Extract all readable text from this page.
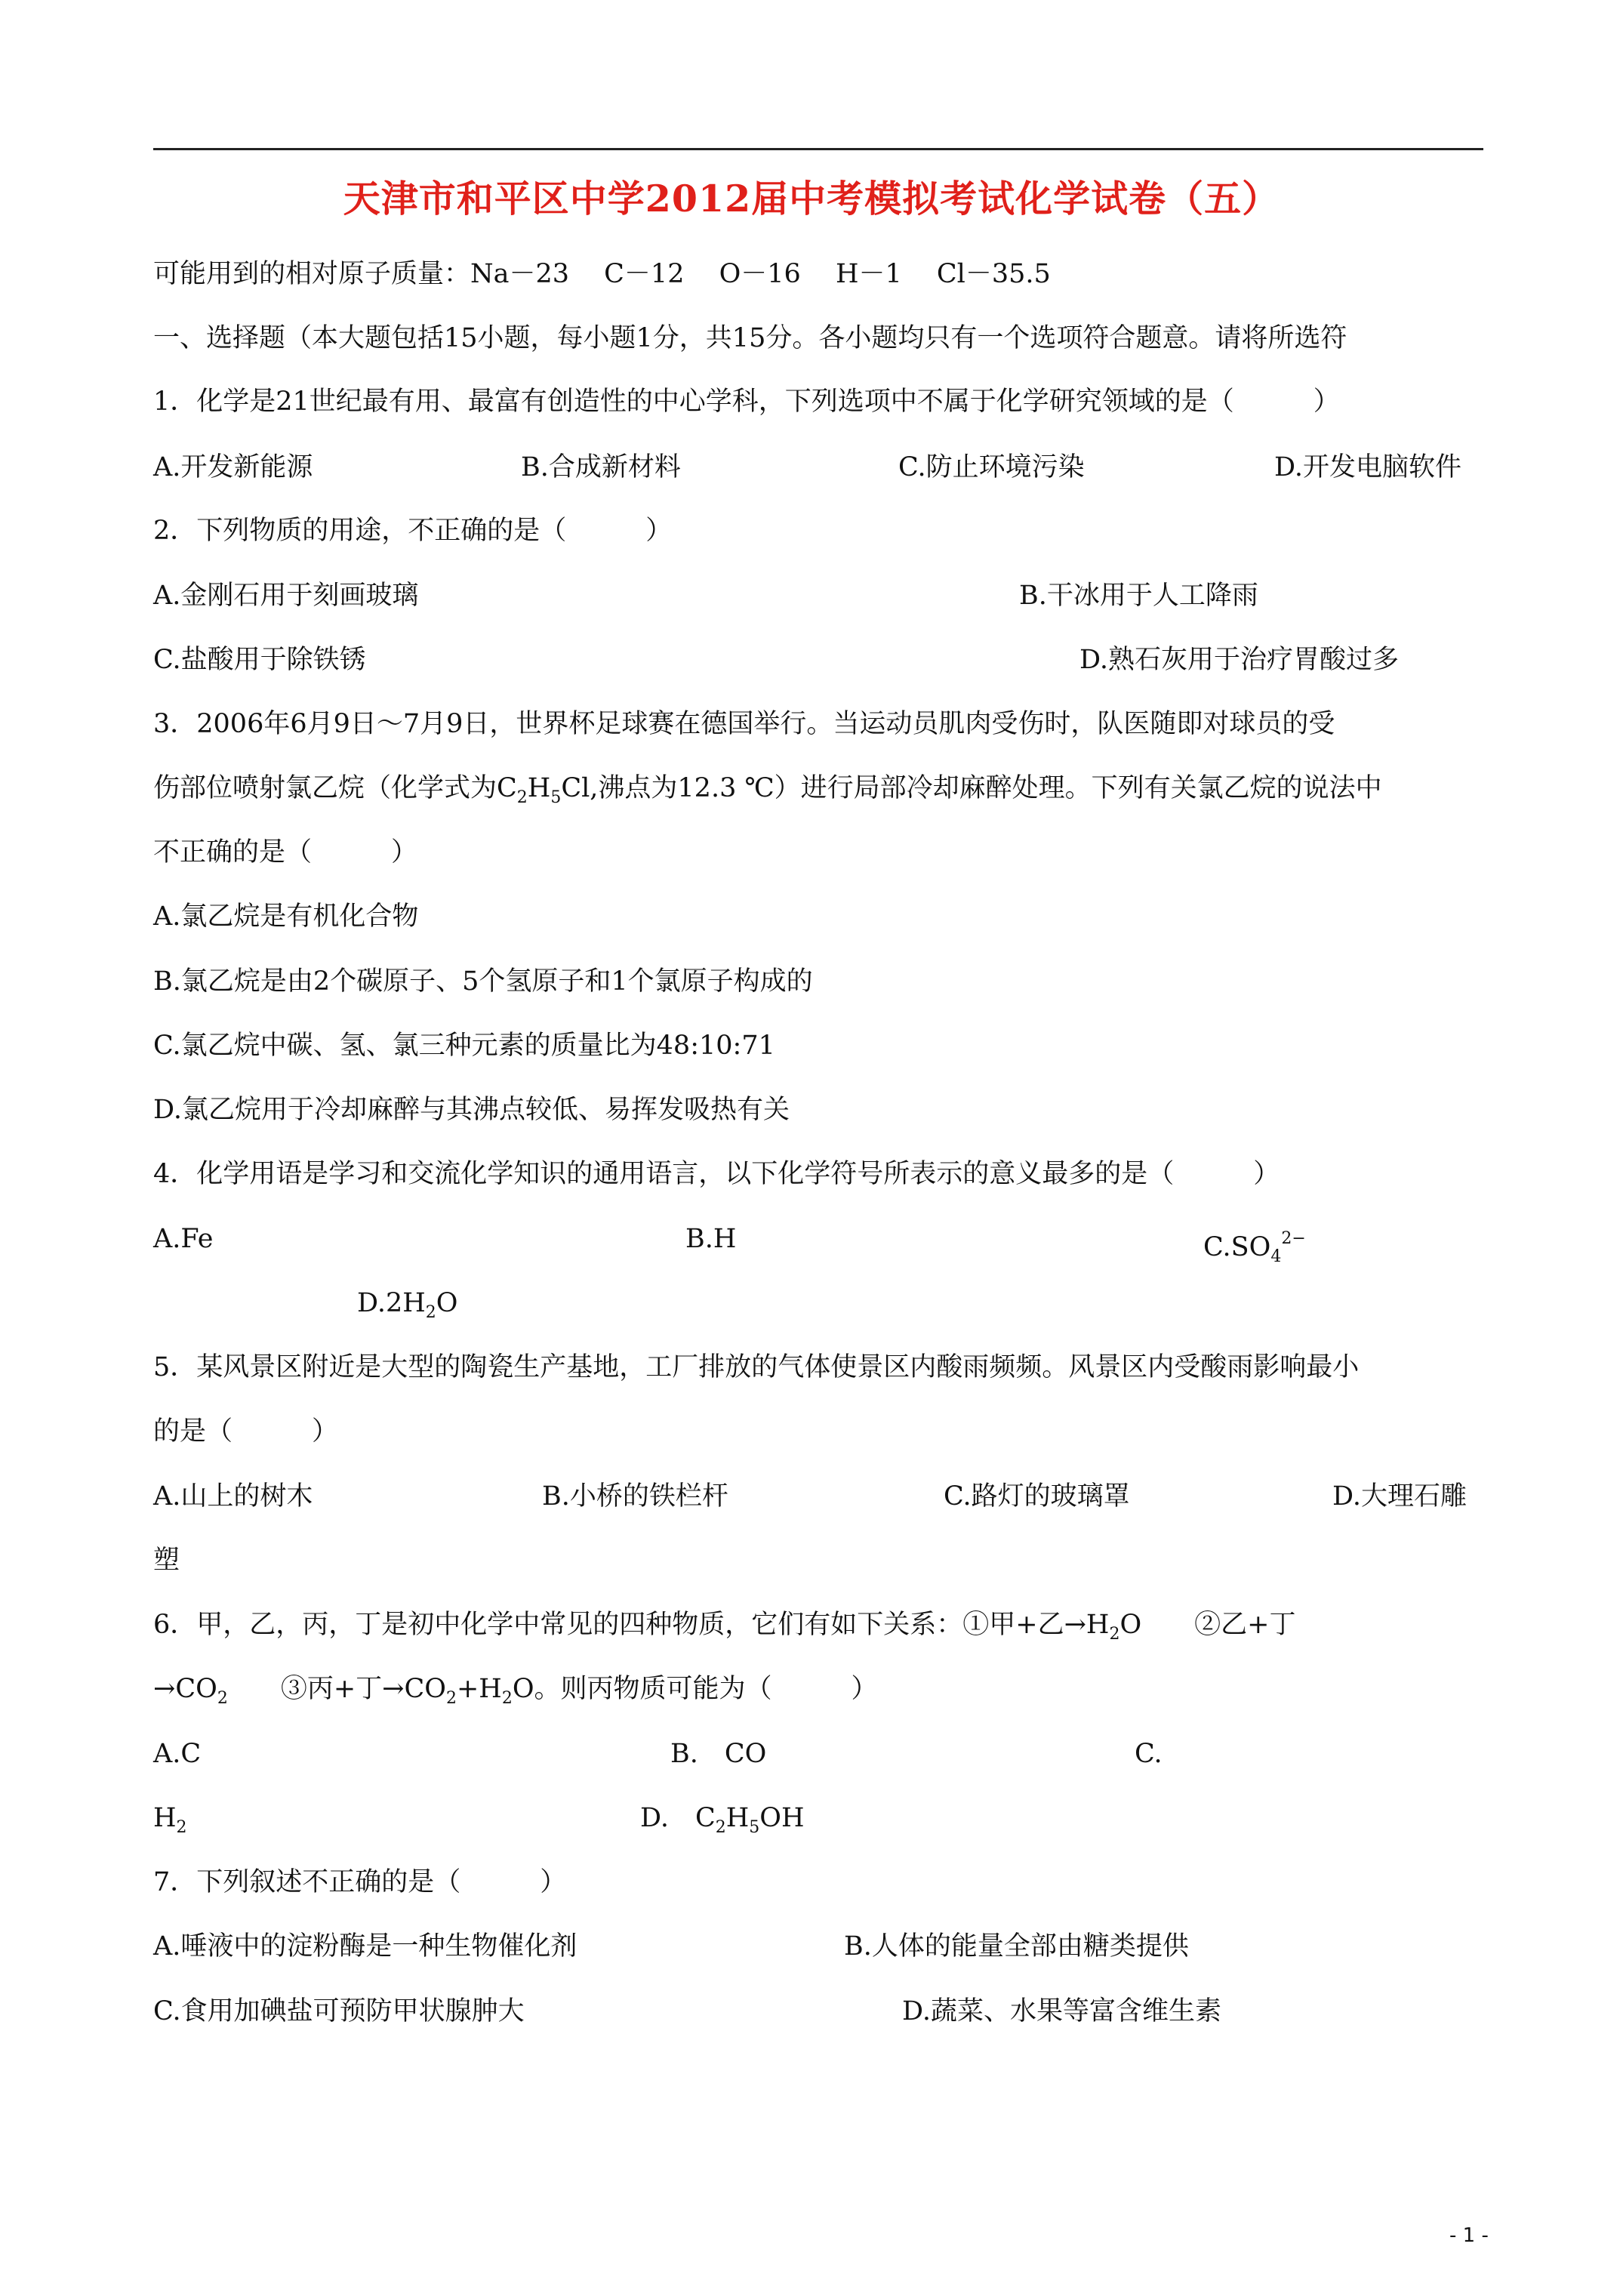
天津市和平区中学2012届中考模拟考试化学试卷（五）
可能用到的相对原子质量：Na－23　 C－12　 O－16　 H－1　 Cl－35.5
一、选择题（本大题包括15小题，每小题1分，共15分。各小题均只有一个选项符合题意。请将所选符
1．化学是21世纪最有用、最富有创造性的中心学科，下列选项中不属于化学研究领域的是（　　　）
A.开发新能源	B.合成新材料	C.防止环境污染	D.开发电脑软件
2．下列物质的用途，不正确的是（　　　）
A.金刚石用于刻画玻璃	B.干冰用于人工降雨
C.盐酸用于除铁锈	D.熟石灰用于治疗胃酸过多
3．2006年6月9日～7月9日，世界杯足球赛在德国举行。当运动员肌肉受伤时，队医随即对球员的受
伤部位喷射氯乙烷（化学式为$C_2H_5Cl$,沸点为12.3 ℃）进行局部冷却麻醉处理。下列有关氯乙烷的说法中
不正确的是（　　　）
A.氯乙烷是有机化合物
B.氯乙烷是由2个碳原子、5个氢原子和1个氯原子构成的
C.氯乙烷中碳、氢、氯三种元素的质量比为48:10:71
D.氯乙烷用于冷却麻醉与其沸点较低、易挥发吸热有关
4．化学用语是学习和交流化学知识的通用语言，以下化学符号所表示的意义最多的是（　　　）
A.Fe	B.H	$C.SO_4^{2-}$
$D.2H_2O$
5．某风景区附近是大型的陶瓷生产基地，工厂排放的气体使景区内酸雨频频。风景区内受酸雨影响最小
的是（　　　）
A.山上的树木	B.小桥的铁栏杆	C.路灯的玻璃罩	D.大理石雕
塑
6．甲，乙，丙，丁是初中化学中常见的四种物质，它们有如下关系：①甲+乙$\to H_2O$　　②乙+丁
$\to CO_2$　　③丙+丁$\to CO_2+H_2O$。则丙物质可能为（　　　）
A.C	B.　CO	C.
$H_2$	D.　$C_2H_5OH$
7．下列叙述不正确的是（　　　）
A.唾液中的淀粉酶是一种生物催化剂	B.人体的能量全部由糖类提供
C.食用加碘盐可预防甲状腺肿大	D.蔬菜、水果等富含维生素
- 1 -
